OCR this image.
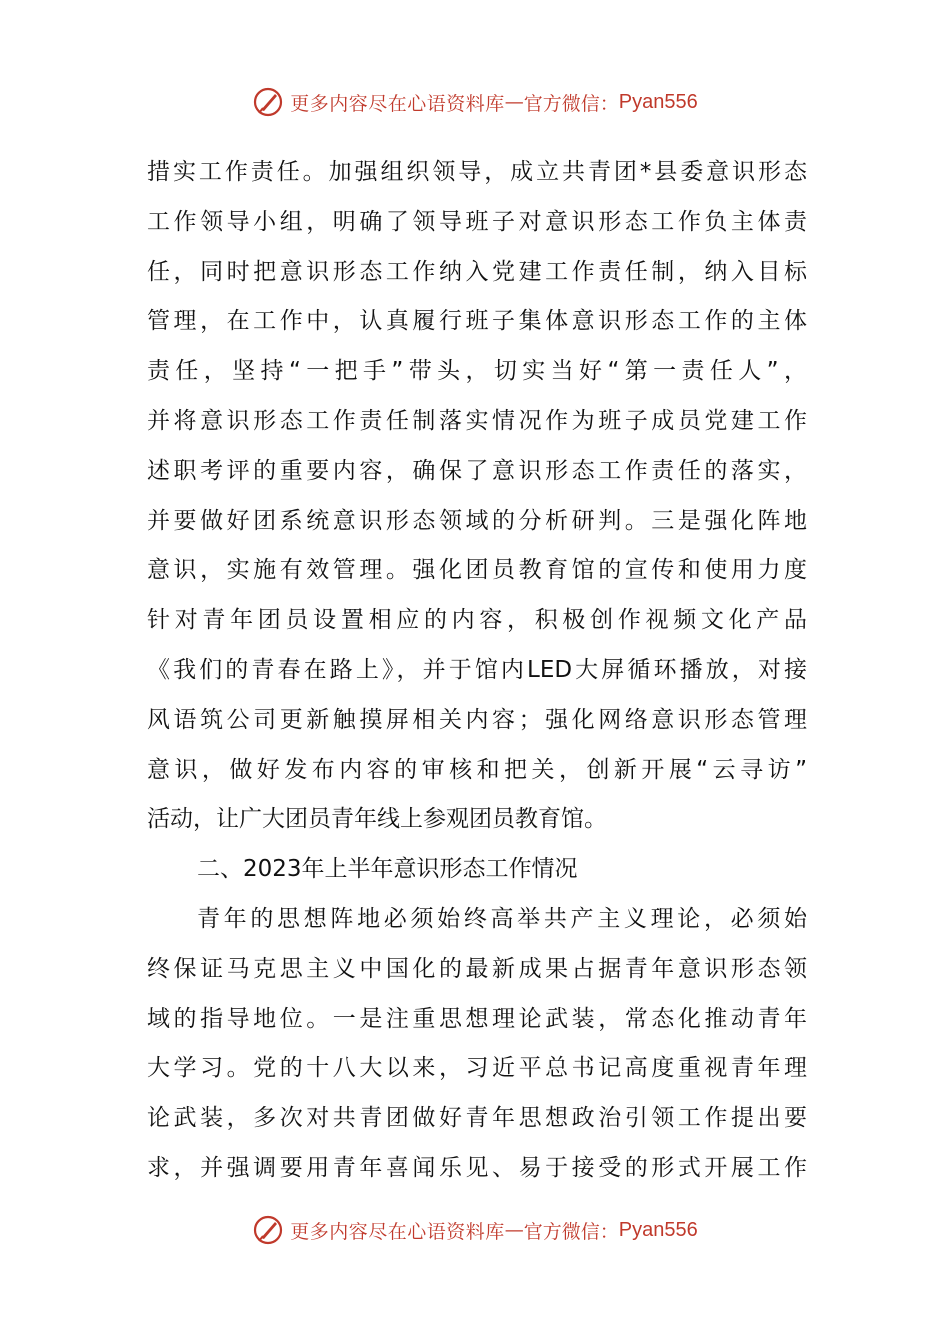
更多内容尽在心语资料库 — 官方微信： Pyan556
措实工作责任。加强组织领导，成立共青团*县委意识形态
工作领导小组，明确了领导班子对意识形态工作负主体责
任，同时把意识形态工作纳入党建工作责任制，纳入目标
管理，在工作中，认真履行班子集体意识形态工作的主体
责任，坚持“一把手”带头，切实当好“第一责任人”，
并将意识形态工作责任制落实情况作为班子成员党建工作
述职考评的重要内容，确保了意识形态工作责任的落实，
并要做好团系统意识形态领域的分析研判。三是强化阵地
意识，实施有效管理。强化团员教育馆的宣传和使用力度
针对青年团员设置相应的内容，积极创作视频文化产品
《我们的青春在路上》，并于馆内LED大屏循环播放，对接
风语筑公司更新触摸屏相关内容；强化网络意识形态管理
意识，做好发布内容的审核和把关，创新开展“云寻访”
活动，让广大团员青年线上参观团员教育馆。
二、2023年上半年意识形态工作情况
青年的思想阵地必须始终高举共产主义理论，必须始
终保证马克思主义中国化的最新成果占据青年意识形态领
域的指导地位。一是注重思想理论武装，常态化推动青年
大学习。党的十八大以来，习近平总书记高度重视青年理
论武装，多次对共青团做好青年思想政治引领工作提出要
求，并强调要用青年喜闻乐见、易于接受的形式开展工作
更多内容尽在心语资料库 — 官方微信： Pyan556
